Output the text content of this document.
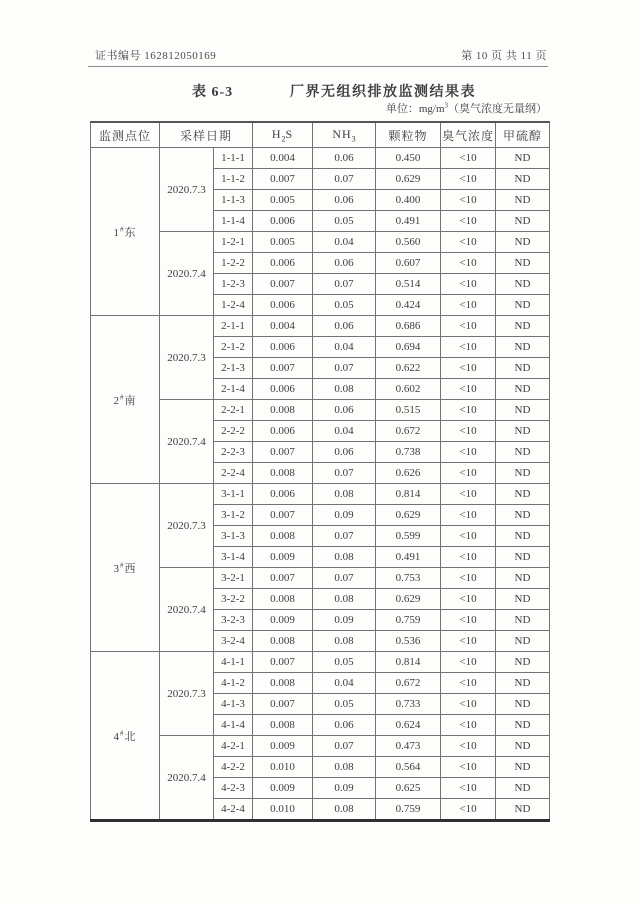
证书编号 162812050169	第 10 页 共 11 页
表 6-3	厂界无组织排放监测结果表
单位：$mg/m^3$（臭气浓度无量纲）
监测点位	采样日期		$H_2S$	$NH_3$	颗粒物	臭气浓度	甲硫醇
1#东	2020.7.3	1-1-1	0.004	0.06	0.450	<10	ND
		1-1-2	0.007	0.07	0.629	<10	ND
		1-1-3	0.005	0.06	0.400	<10	ND
		1-1-4	0.006	0.05	0.491	<10	ND
	2020.7.4	1-2-1	0.005	0.04	0.560	<10	ND
		1-2-2	0.006	0.06	0.607	<10	ND
		1-2-3	0.007	0.07	0.514	<10	ND
		1-2-4	0.006	0.05	0.424	<10	ND
2#南	2020.7.3	2-1-1	0.004	0.06	0.686	<10	ND
		2-1-2	0.006	0.04	0.694	<10	ND
		2-1-3	0.007	0.07	0.622	<10	ND
		2-1-4	0.006	0.08	0.602	<10	ND
	2020.7.4	2-2-1	0.008	0.06	0.515	<10	ND
		2-2-2	0.006	0.04	0.672	<10	ND
		2-2-3	0.007	0.06	0.738	<10	ND
		2-2-4	0.008	0.07	0.626	<10	ND
3#西	2020.7.3	3-1-1	0.006	0.08	0.814	<10	ND
		3-1-2	0.007	0.09	0.629	<10	ND
		3-1-3	0.008	0.07	0.599	<10	ND
		3-1-4	0.009	0.08	0.491	<10	ND
	2020.7.4	3-2-1	0.007	0.07	0.753	<10	ND
		3-2-2	0.008	0.08	0.629	<10	ND
		3-2-3	0.009	0.09	0.759	<10	ND
		3-2-4	0.008	0.08	0.536	<10	ND
4#北	2020.7.3	4-1-1	0.007	0.05	0.814	<10	ND
		4-1-2	0.008	0.04	0.672	<10	ND
		4-1-3	0.007	0.05	0.733	<10	ND
		4-1-4	0.008	0.06	0.624	<10	ND
	2020.7.4	4-2-1	0.009	0.07	0.473	<10	ND
		4-2-2	0.010	0.08	0.564	<10	ND
		4-2-3	0.009	0.09	0.625	<10	ND
		4-2-4	0.010	0.08	0.759	<10	ND
